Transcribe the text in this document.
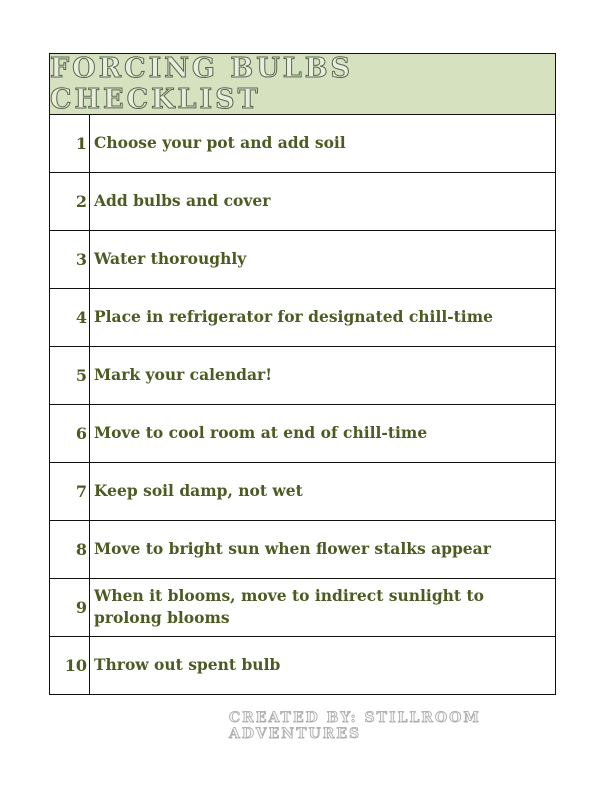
FORCING BULBS CHECKLIST
1 Choose your pot and add soil
2 Add bulbs and cover
3 Water thoroughly
4 Place in refrigerator for designated chill-time
5 Mark your calendar!
6 Move to cool room at end of chill-time
7 Keep soil damp, not wet
8 Move to bright sun when flower stalks appear
9
When it blooms, move to indirect sunlight to prolong blooms
10 Throw out spent bulb
CREATED BY: STILLROOM ADVENTURES
